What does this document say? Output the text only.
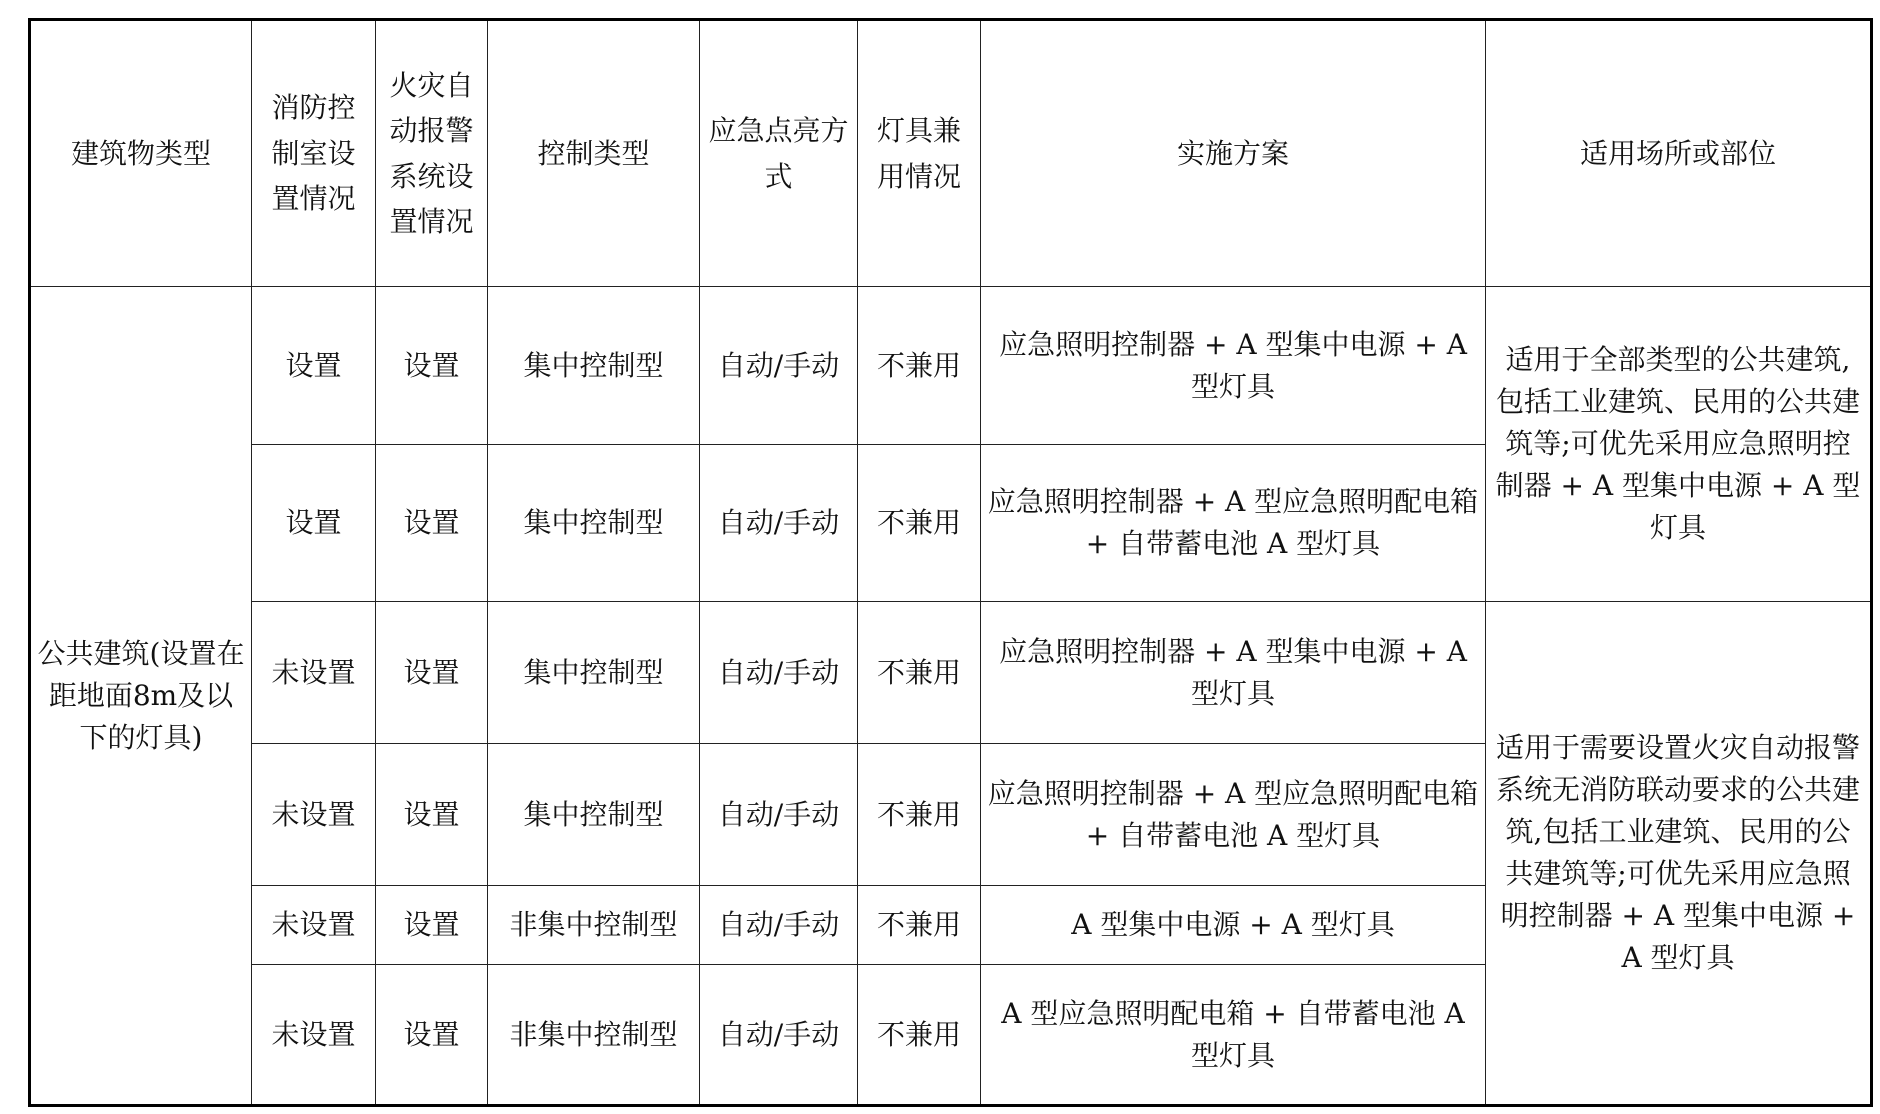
建筑物类型	消防控制室设置情况	火灾自动报警系统设置情况	控制类型	应急点亮方式	灯具兼用情况	实施方案	适用场所或部位
公共建筑(设置在距地面8m及以下的灯具)	设置	设置	集中控制型	自动/手动	不兼用	应急照明控制器 + A 型集中电源 + A 型灯具	适用于全部类型的公共建筑,包括工业建筑、民用的公共建筑等;可优先采用应急照明控制器 + A 型集中电源 + A 型灯具
	设置	设置	集中控制型	自动/手动	不兼用	应急照明控制器 + A 型应急照明配电箱 + 自带蓄电池 A 型灯具	
	未设置	设置	集中控制型	自动/手动	不兼用	应急照明控制器 + A 型集中电源 + A 型灯具	适用于需要设置火灾自动报警系统无消防联动要求的公共建筑,包括工业建筑、民用的公共建筑等;可优先采用应急照明控制器 + A 型集中电源 + A 型灯具
	未设置	设置	集中控制型	自动/手动	不兼用	应急照明控制器 + A 型应急照明配电箱 + 自带蓄电池 A 型灯具	
	未设置	设置	非集中控制型	自动/手动	不兼用	A 型集中电源 + A 型灯具	
	未设置	设置	非集中控制型	自动/手动	不兼用	A 型应急照明配电箱 + 自带蓄电池 A 型灯具	
